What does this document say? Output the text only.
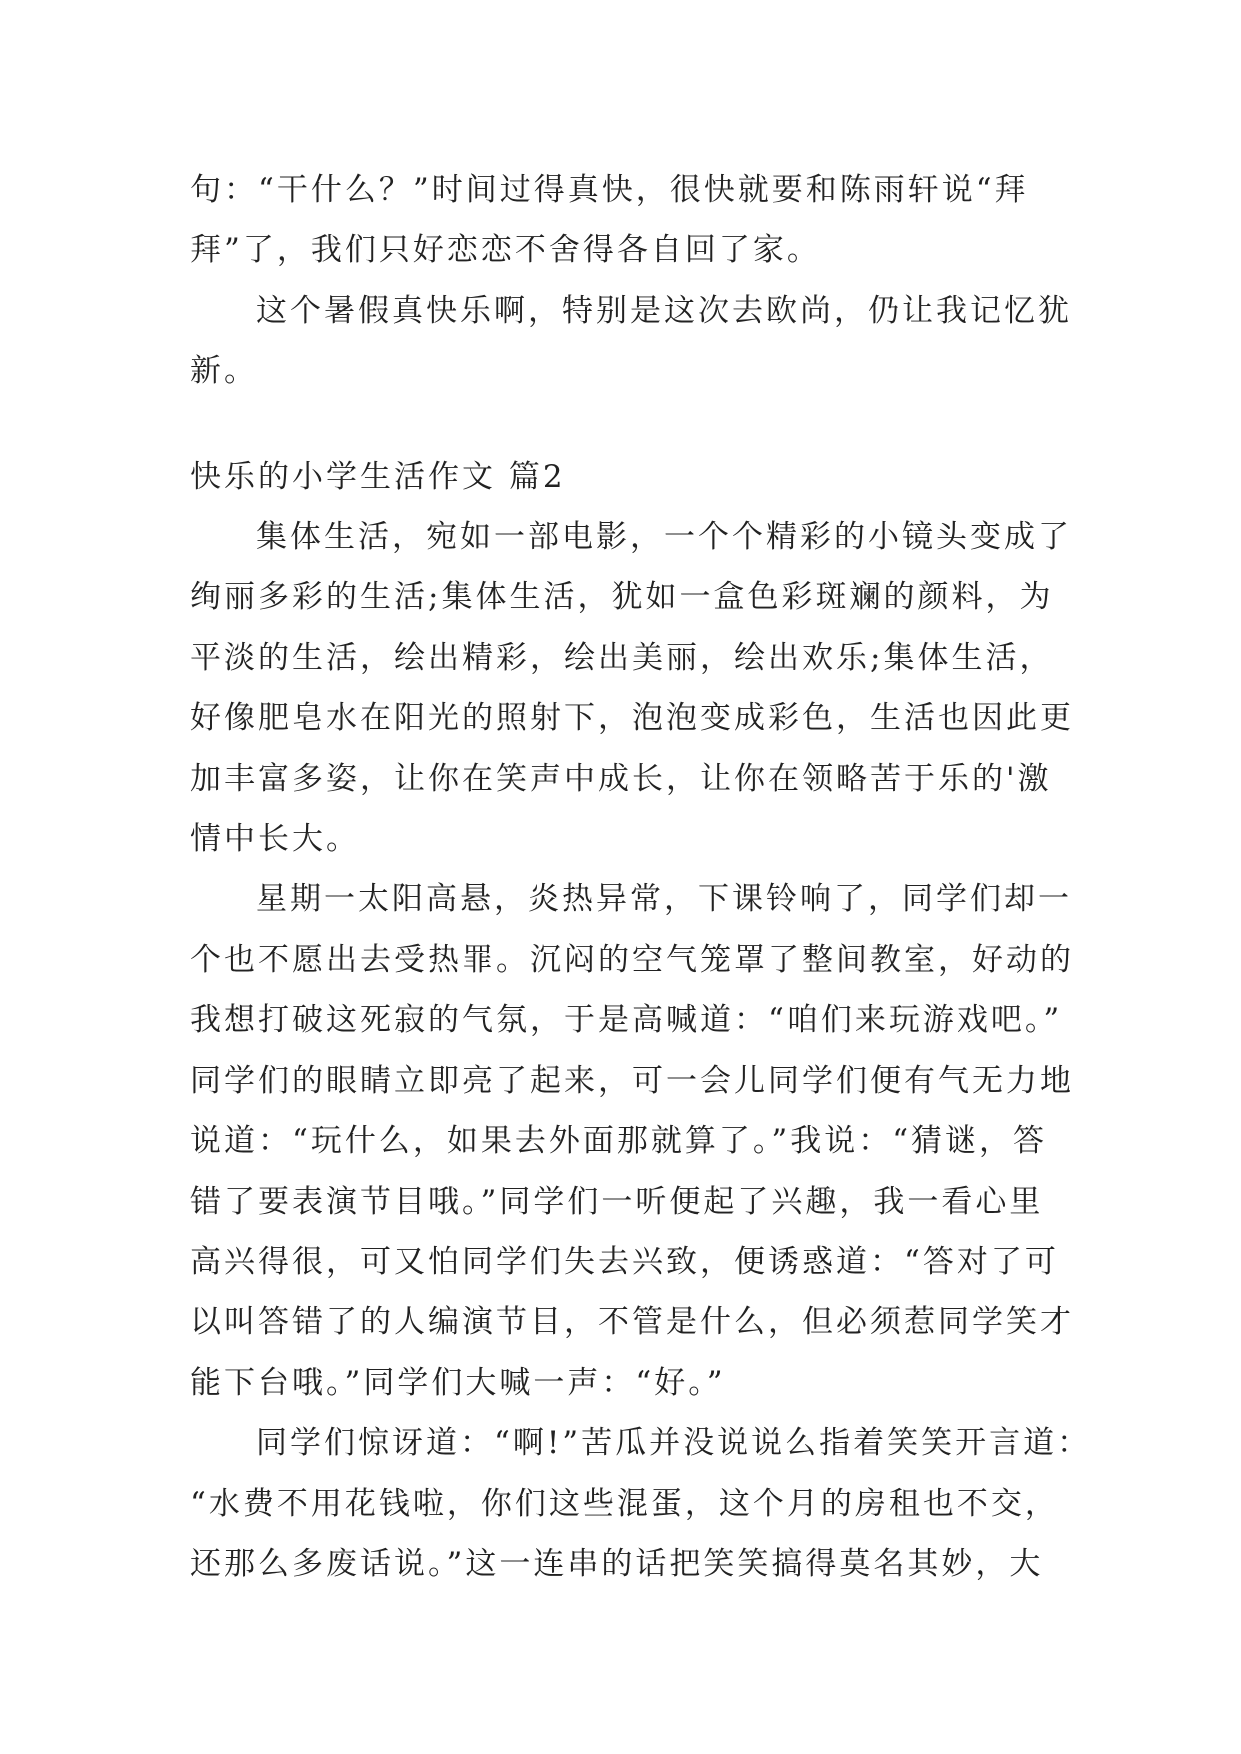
句：“干什么？”时间过得真快，很快就要和陈雨轩说“拜
拜”了，我们只好恋恋不舍得各自回了家。
这个暑假真快乐啊，特别是这次去欧尚，仍让我记忆犹
新。
快乐的小学生活作文 篇2
集体生活，宛如一部电影，一个个精彩的小镜头变成了
绚丽多彩的生活;集体生活，犹如一盒色彩斑斓的颜料，为
平淡的生活，绘出精彩，绘出美丽，绘出欢乐;集体生活，
好像肥皂水在阳光的照射下，泡泡变成彩色，生活也因此更
加丰富多姿，让你在笑声中成长，让你在领略苦于乐的'激
情中长大。
星期一太阳高悬，炎热异常，下课铃响了，同学们却一
个也不愿出去受热罪。沉闷的空气笼罩了整间教室，好动的
我想打破这死寂的气氛，于是高喊道：“咱们来玩游戏吧。”
同学们的眼睛立即亮了起来，可一会儿同学们便有气无力地
说道：“玩什么，如果去外面那就算了。”我说：“猜谜，答
错了要表演节目哦。”同学们一听便起了兴趣，我一看心里
高兴得很，可又怕同学们失去兴致，便诱惑道：“答对了可
以叫答错了的人编演节目，不管是什么，但必须惹同学笑才
能下台哦。”同学们大喊一声：“好。”
同学们惊讶道：“啊!”苦瓜并没说说么指着笑笑开言道：
“水费不用花钱啦，你们这些混蛋，这个月的房租也不交，
还那么多废话说。”这一连串的话把笑笑搞得莫名其妙，大
